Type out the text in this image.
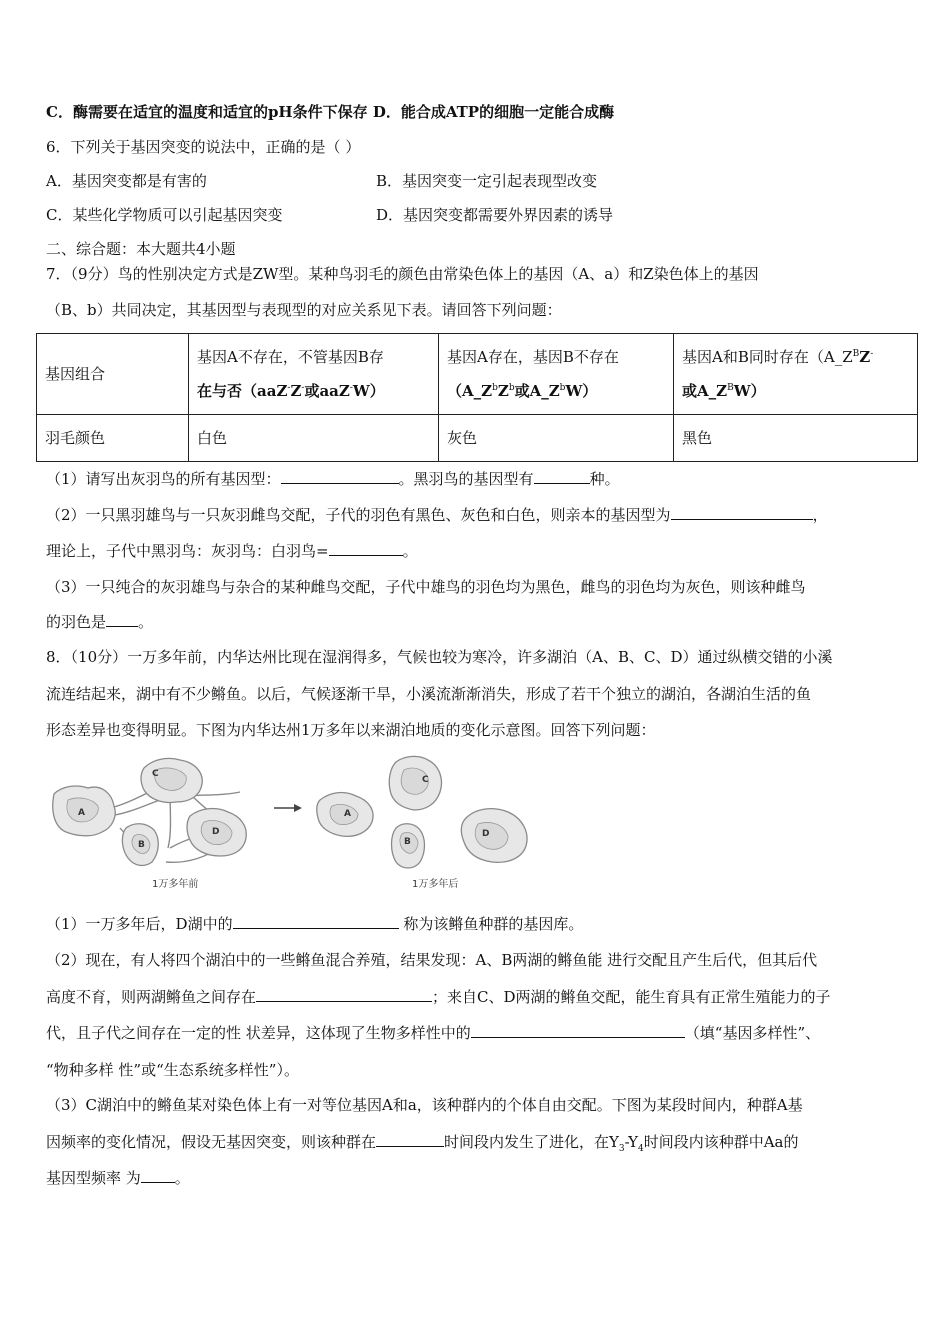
C．酶需要在适宜的温度和适宜的pH条件下保存 D．能合成ATP的细胞一定能合成酶
6．下列关于基因突变的说法中，正确的是（ ）
A．基因突变都是有害的	B．基因突变一定引起表现型改变
C．某些化学物质可以引起基因突变	D．基因突变都需要外界因素的诱导
二、综合题：本大题共4小题
7．（9分）鸟的性别决定方式是ZW型。某种鸟羽毛的颜色由常染色体上的基因（A、a）和Z染色体上的基因
（B、b）共同决定，其基因型与表现型的对应关系见下表。请回答下列问题：
基因组合	基因A不存在，不管基因B存
在与否（aaZ-Z-或aaZ-W）	基因A存在，基因B不存在
（$A\_Z^bZ^b$或$A\_Z^bW$）	基因A和B同时存在（$A\_Z^BZ^-$
或$A\_Z^BW$）
羽毛颜色	白色	灰色	黑色
（1）请写出灰羽鸟的所有基因型：	。黑羽鸟的基因型有	种。
（2）一只黑羽雄鸟与一只灰羽雌鸟交配，子代的羽色有黑色、灰色和白色，则亲本的基因型为	，
理论上，子代中黑羽鸟：灰羽鸟：白羽鸟=	。
（3）一只纯合的灰羽雄鸟与杂合的某种雌鸟交配，子代中雄鸟的羽色均为黑色，雌鸟的羽色均为灰色，则该种雌鸟
的羽色是 。
8．（10分）一万多年前，内华达州比现在湿润得多，气候也较为寒冷，许多湖泊（A、B、C、D）通过纵横交错的小溪
流连结起来，湖中有不少鳉鱼。以后，气候逐渐干旱，小溪流渐渐消失，形成了若干个独立的湖泊，各湖泊生活的鱼
形态差异也变得明显。下图为内华达州1万多年以来湖泊地质的变化示意图。回答下列问题：
A
C
D
B
1万多年前
A
C
D
B
1万多年后
（1）一万多年后，D湖中的	称为该鳉鱼种群的基因库。
（2）现在，有人将四个湖泊中的一些鳉鱼混合养殖，结果发现：A、B两湖的鳉鱼能 进行交配且产生后代，但其后代
高度不育，则两湖鳉鱼之间存在	；来自C、D两湖的鳉鱼交配，能生育具有正常生殖能力的子
代，且子代之间存在一定的性 状差异，这体现了生物多样性中的	（填“基因多样性”、
“物种多样 性”或“生态系统多样性”）。
（3）C湖泊中的鳉鱼某对染色体上有一对等位基因A和a，该种群内的个体自由交配。下图为某段时间内，种群A基
因频率的变化情况，假设无基因突变，则该种群在	时间段内发生了进化，在$Y_3-Y_4$时间段内该种群中Aa的
基因型频率 为 。
